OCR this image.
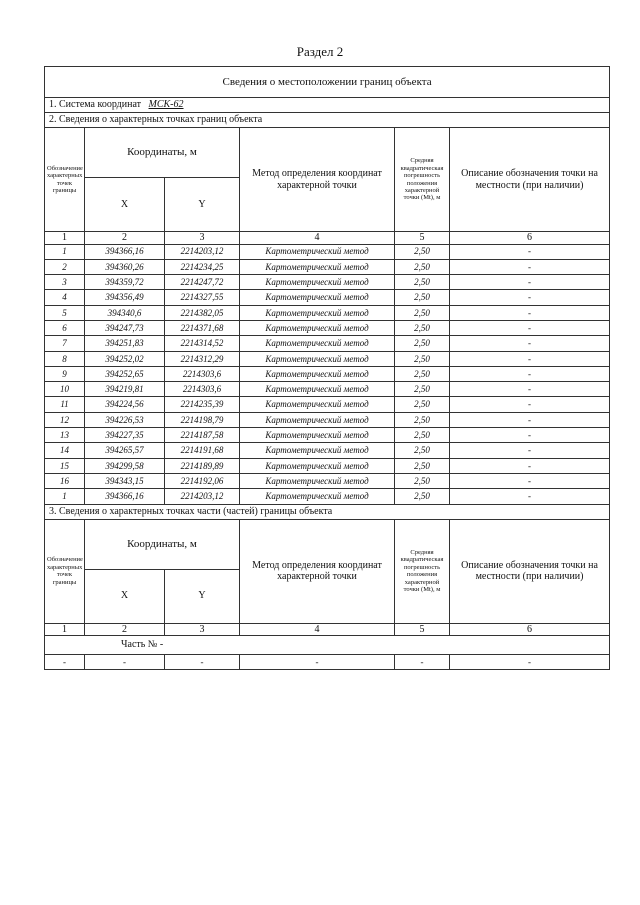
Раздел 2
Сведения о местоположении границ объекта					
1. Система координат МСК-62					
2. Сведения о характерных точках границ объекта					
Обозначение характерных точек границы	Координаты, м		Метод определения координат характерной точки	Средняя квадратическая погрешность положения характерной точки (Mt), м	Описание обозначения точки на местности (при наличии)
	X	Y			
1	2	3	4	5	6
1	394366,16	2214203,12	Картометрический метод	2,50	-
2	394360,26	2214234,25	Картометрический метод	2,50	-
3	394359,72	2214247,72	Картометрический метод	2,50	-
4	394356,49	2214327,55	Картометрический метод	2,50	-
5	394340,6	2214382,05	Картометрический метод	2,50	-
6	394247,73	2214371,68	Картометрический метод	2,50	-
7	394251,83	2214314,52	Картометрический метод	2,50	-
8	394252,02	2214312,29	Картометрический метод	2,50	-
9	394252,65	2214303,6	Картометрический метод	2,50	-
10	394219,81	2214303,6	Картометрический метод	2,50	-
11	394224,56	2214235,39	Картометрический метод	2,50	-
12	394226,53	2214198,79	Картометрический метод	2,50	-
13	394227,35	2214187,58	Картометрический метод	2,50	-
14	394265,57	2214191,68	Картометрический метод	2,50	-
15	394299,58	2214189,89	Картометрический метод	2,50	-
16	394343,15	2214192,06	Картометрический метод	2,50	-
1	394366,16	2214203,12	Картометрический метод	2,50	-
3. Сведения о характерных точках части (частей) границы объекта					
Обозначение характерных точек границы	Координаты, м		Метод определения координат характерной точки	Средняя квадратическая погрешность положения характерной точки (Mt), м	Описание обозначения точки на местности (при наличии)
	X	Y			
1	2	3	4	5	6
Часть № -					
-	-	-	-	-	-
